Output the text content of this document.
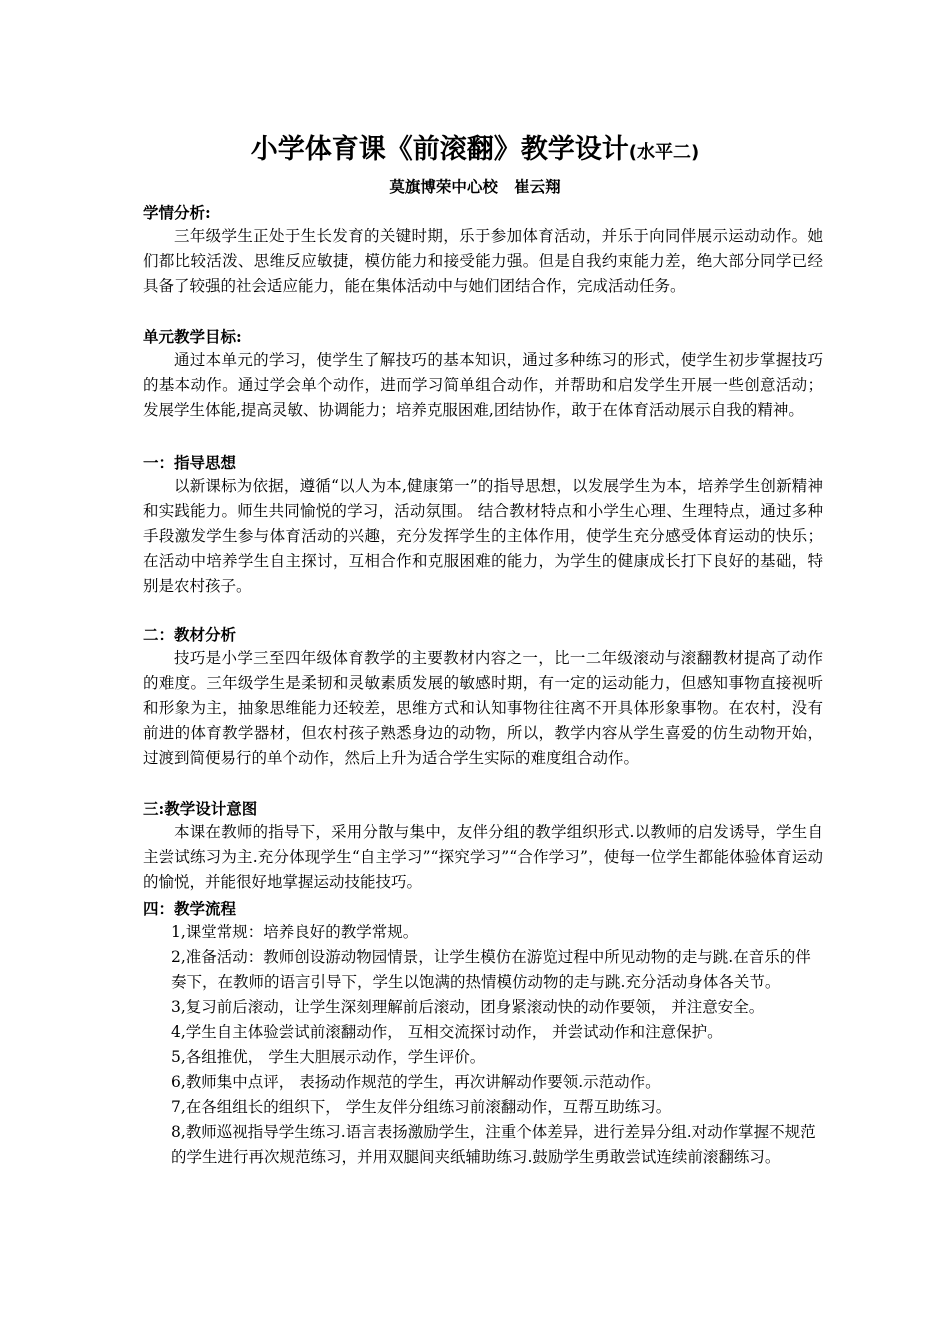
小学体育课《前滚翻》教学设计(水平二)
莫旗博荣中心校   崔云翔

学情分析:

三年级学生正处于生长发育的关键时期，乐于参加体育活动，并乐于向同伴展示运动动作。她们都比较活泼、思维反应敏捷，模仿能力和接受能力强。但是自我约束能力差，绝大部分同学已经具备了较强的社会适应能力，能在集体活动中与她们团结合作，完成活动任务。

单元教学目标:

通过本单元的学习，使学生了解技巧的基本知识，通过多种练习的形式，使学生初步掌握技巧的基本动作。通过学会单个动作，进而学习简单组合动作，并帮助和启发学生开展一些创意活动；发展学生体能,提高灵敏、协调能力；培养克服困难,团结协作，敢于在体育活动展示自我的精神。

一：指导思想

以新课标为依据，遵循“以人为本,健康第一”的指导思想，以发展学生为本，培养学生创新精神和实践能力。师生共同愉悦的学习，活动氛围。 结合教材特点和小学生心理、生理特点，通过多种手段激发学生参与体育活动的兴趣，充分发挥学生的主体作用，使学生充分感受体育运动的快乐；在活动中培养学生自主探讨，互相合作和克服困难的能力，为学生的健康成长打下良好的基础，特别是农村孩子。

二：教材分析

技巧是小学三至四年级体育教学的主要教材内容之一，比一二年级滚动与滚翻教材提高了动作的难度。三年级学生是柔韧和灵敏素质发展的敏感时期，有一定的运动能力，但感知事物直接视听和形象为主，抽象思维能力还较差，思维方式和认知事物往往离不开具体形象事物。在农村，没有前进的体育教学器材，但农村孩子熟悉身边的动物，所以，教学内容从学生喜爱的仿生动物开始，过渡到简便易行的单个动作，然后上升为适合学生实际的难度组合动作。

三:教学设计意图

本课在教师的指导下，采用分散与集中，友伴分组的教学组织形式.以教师的启发诱导，学生自主尝试练习为主.充分体现学生“自主学习”“探究学习”“合作学习”，使每一位学生都能体验体育运动的愉悦，并能很好地掌握运动技能技巧。

四：教学流程

1,课堂常规：培养良好的教学常规。
2,准备活动：教师创设游动物园情景，让学生模仿在游览过程中所见动物的走与跳.在音乐的伴奏下，在教师的语言引导下，学生以饱满的热情模仿动物的走与跳.充分活动身体各关节。
3,复习前后滚动，让学生深刻理解前后滚动，团身紧滚动快的动作要领， 并注意安全。
4,学生自主体验尝试前滚翻动作， 互相交流探讨动作， 并尝试动作和注意保护。
5,各组推优， 学生大胆展示动作，学生评价。
6,教师集中点评， 表扬动作规范的学生，再次讲解动作要领.示范动作。
7,在各组组长的组织下， 学生友伴分组练习前滚翻动作，互帮互助练习。
8,教师巡视指导学生练习.语言表扬激励学生，注重个体差异，进行差异分组.对动作掌握不规范的学生进行再次规范练习，并用双腿间夹纸辅助练习.鼓励学生勇敢尝试连续前滚翻练习。
